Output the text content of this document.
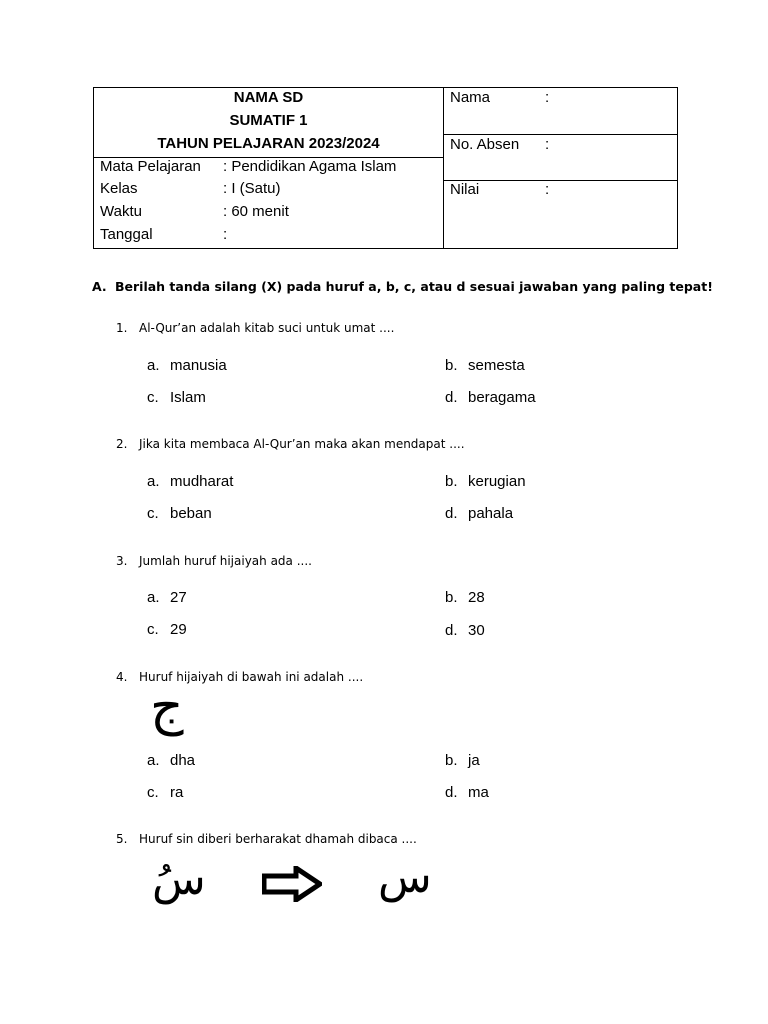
NAMA SD
SUMATIF 1
TAHUN PELAJARAN 2023/2024
Mata Pelajaran : Pendidikan Agama Islam
Kelas	: I (Satu)
Waktu	: 60 menit
Tanggal	:
Nama	:
No. Absen :
Nilai	:
A. Berilah tanda silang (X) pada huruf a, b, c, atau d sesuai jawaban yang paling tepat!
1. Al-Qur’an adalah kitab suci untuk umat ....
a. manusia	b. semesta
c. Islam	d. beragama
2. Jika kita membaca Al-Qur’an maka akan mendapat ....
a. mudharat	b. kerugian
c. beban	d. pahala
3. Jumlah huruf hijaiyah ada ....
a. 27	b. 28
c. 29	d. 30
4. Huruf hijaiyah di bawah ini adalah ....
ج
a. dha	b. ja
c. ra	d. ma
5. Huruf sin diberi berharakat dhamah dibaca ....
سُ	س
